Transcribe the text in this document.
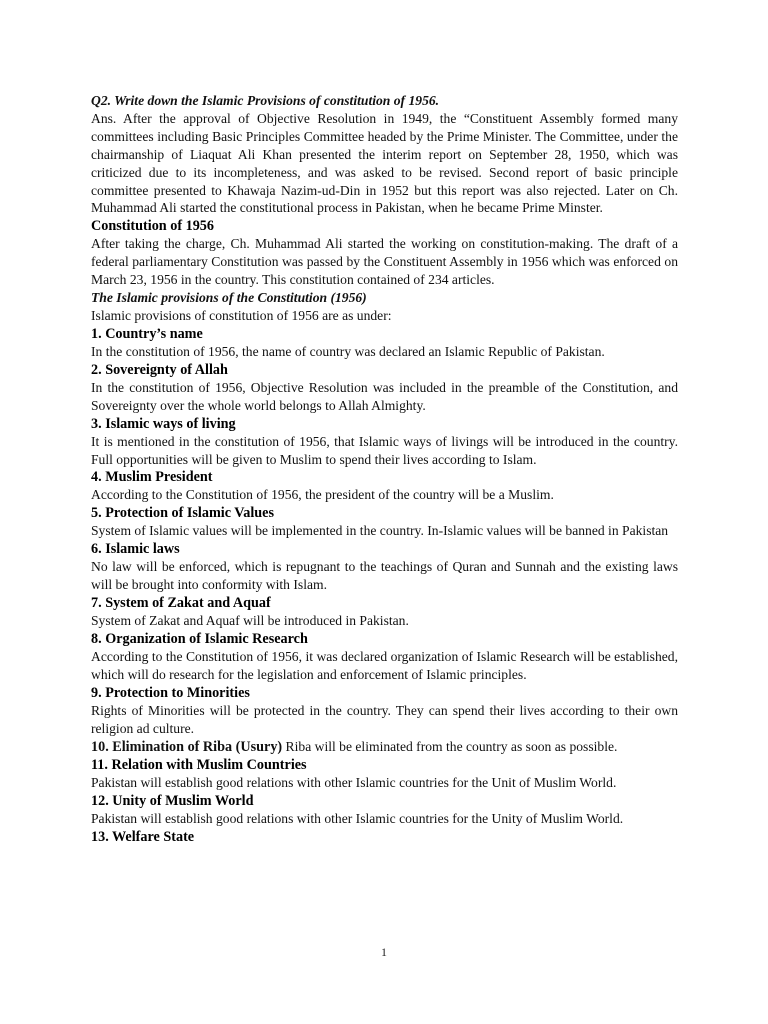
Q2. Write down the Islamic Provisions of constitution of 1956.

Ans. After the approval of Objective Resolution in 1949, the “Constituent Assembly formed many committees including Basic Principles Committee headed by the Prime Minister. The Committee, under the chairmanship of Liaquat Ali Khan presented the interim report on September 28, 1950, which was criticized due to its incompleteness, and was asked to be revised. Second report of basic principle committee presented to Khawaja Nazim-ud-Din in 1952 but this report was also rejected. Later on Ch. Muhammad Ali started the constitutional process in Pakistan, when he became Prime Minster.

Constitution of 1956

After taking the charge, Ch. Muhammad Ali started the working on constitution-making. The draft of a federal parliamentary Constitution was passed by the Constituent Assembly in 1956 which was enforced on March 23, 1956 in the country. This constitution contained of 234 articles.

The Islamic provisions of the Constitution (1956)

Islamic provisions of constitution of 1956 are as under:

1. Country’s name

In the constitution of 1956, the name of country was declared an Islamic Republic of Pakistan.

2. Sovereignty of Allah

In the constitution of 1956, Objective Resolution was included in the preamble of the Constitution, and Sovereignty over the whole world belongs to Allah Almighty.

3. Islamic ways of living

It is mentioned in the constitution of 1956, that Islamic ways of livings will be introduced in the country. Full opportunities will be given to Muslim to spend their lives according to Islam.

4. Muslim President

According to the Constitution of 1956, the president of the country will be a Muslim.

5. Protection of Islamic Values

System of Islamic values will be implemented in the country. In-Islamic values will be banned in Pakistan

6. Islamic laws

No law will be enforced, which is repugnant to the teachings of Quran and Sunnah and the existing laws will be brought into conformity with Islam.

7. System of Zakat and Aquaf

System of Zakat and Aquaf will be introduced in Pakistan.

8. Organization of Islamic Research

According to the Constitution of 1956, it was declared organization of Islamic Research will be established, which will do research for the legislation and enforcement of Islamic principles.

9. Protection to Minorities

Rights of Minorities will be protected in the country. They can spend their lives according to their own religion ad culture.

10. Elimination of Riba (Usury) Riba will be eliminated from the country as soon as possible.

11. Relation with Muslim Countries

Pakistan will establish good relations with other Islamic countries for the Unit of Muslim World.

12. Unity of Muslim World

Pakistan will establish good relations with other Islamic countries for the Unity of Muslim World.

13. Welfare State

1
